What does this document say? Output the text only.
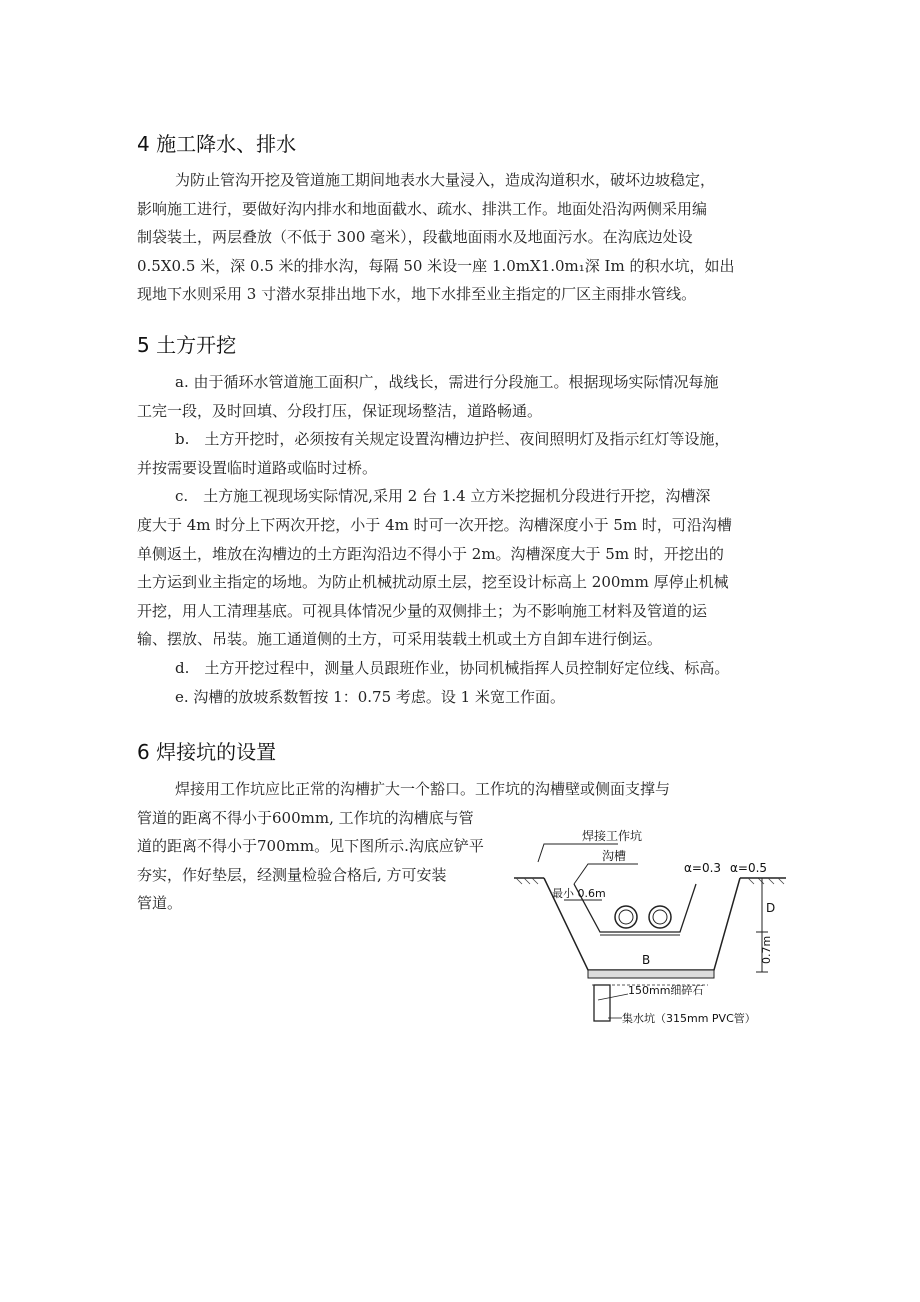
4 施工降水、排水
为防止管沟开挖及管道施工期间地表水大量浸入，造成沟道积水，破坏边坡稳定，
影响施工进行，要做好沟内排水和地面截水、疏水、排洪工作。地面处沿沟两侧采用编
制袋装土，两层叠放（不低于 300 毫米），段截地面雨水及地面污水。在沟底边处设
0.5X0.5 米，深 0.5 米的排水沟，每隔 50 米设一座 1.0mX1.0m₁深 Im 的积水坑，如出
现地下水则采用 3 寸潜水泵排出地下水，地下水排至业主指定的厂区主雨排水管线。
5 土方开挖
a. 由于循环水管道施工面积广，战线长，需进行分段施工。根据现场实际情况每施
工完一段，及时回填、分段打压，保证现场整洁，道路畅通。
b.　土方开挖时，必须按有关规定设置沟槽边护拦、夜间照明灯及指示红灯等设施，
并按需要设置临时道路或临时过桥。
c.　土方施工视现场实际情况,采用 2 台 1.4 立方米挖掘机分段进行开挖，沟槽深
度大于 4m 时分上下两次开挖，小于 4m 时可一次开挖。沟槽深度小于 5m 时，可沿沟槽
单侧返土，堆放在沟槽边的土方距沟沿边不得小于 2m。沟槽深度大于 5m 时，开挖出的
土方运到业主指定的场地。为防止机械扰动原土层，挖至设计标高上 200mm 厚停止机械
开挖，用人工清理基底。可视具体情况少量的双侧排土；为不影响施工材料及管道的运
输、摆放、吊装。施工通道侧的土方，可采用装载土机或土方自卸车进行倒运。
d.　土方开挖过程中，测量人员跟班作业，协同机械指挥人员控制好定位线、标高。
e. 沟槽的放坡系数暂按 1：0.75 考虑。设 1 米宽工作面。
6 焊接坑的设置
焊接用工作坑应比正常的沟槽扩大一个豁口。工作坑的沟槽壁或侧面支撑与
管道的距离不得小于600mm, 工作坑的沟槽底与管
道的距离不得小于700mm。见下图所示.沟底应铲平
夯实，作好垫层，经测量检验合格后, 方可安装
管道。
焊接工作坑
沟槽
最小 0.6m
α=0.3 α=0.5
D
0.7m
B
150mm细碎石
集水坑（315mm PVC管）
